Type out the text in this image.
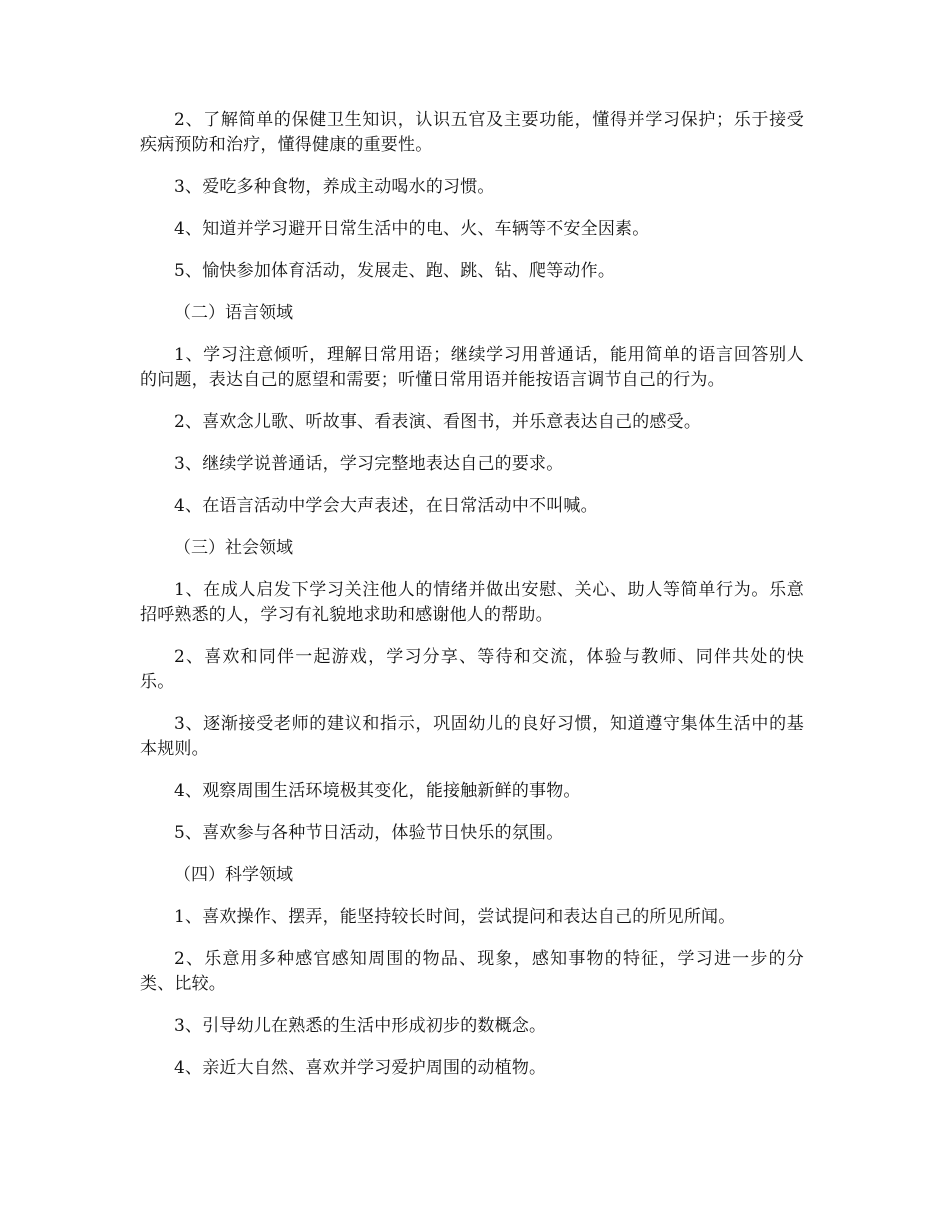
2、了解简单的保健卫生知识，认识五官及主要功能，懂得并学习保护；乐于接受疾病预防和治疗，懂得健康的重要性。

3、爱吃多种食物，养成主动喝水的习惯。

4、知道并学习避开日常生活中的电、火、车辆等不安全因素。

5、愉快参加体育活动，发展走、跑、跳、钻、爬等动作。

（二）语言领域

1、学习注意倾听，理解日常用语；继续学习用普通话，能用简单的语言回答别人的问题，表达自己的愿望和需要；听懂日常用语并能按语言调节自己的行为。

2、喜欢念儿歌、听故事、看表演、看图书，并乐意表达自己的感受。

3、继续学说普通话，学习完整地表达自己的要求。

4、在语言活动中学会大声表述，在日常活动中不叫喊。

（三）社会领域

1、在成人启发下学习关注他人的情绪并做出安慰、关心、助人等简单行为。乐意招呼熟悉的人，学习有礼貌地求助和感谢他人的帮助。

2、喜欢和同伴一起游戏，学习分享、等待和交流，体验与教师、同伴共处的快乐。

3、逐渐接受老师的建议和指示，巩固幼儿的良好习惯，知道遵守集体生活中的基本规则。

4、观察周围生活环境极其变化，能接触新鲜的事物。

5、喜欢参与各种节日活动，体验节日快乐的氛围。

（四）科学领域

1、喜欢操作、摆弄，能坚持较长时间，尝试提问和表达自己的所见所闻。

2、乐意用多种感官感知周围的物品、现象，感知事物的特征，学习进一步的分类、比较。

3、引导幼儿在熟悉的生活中形成初步的数概念。

4、亲近大自然、喜欢并学习爱护周围的动植物。
